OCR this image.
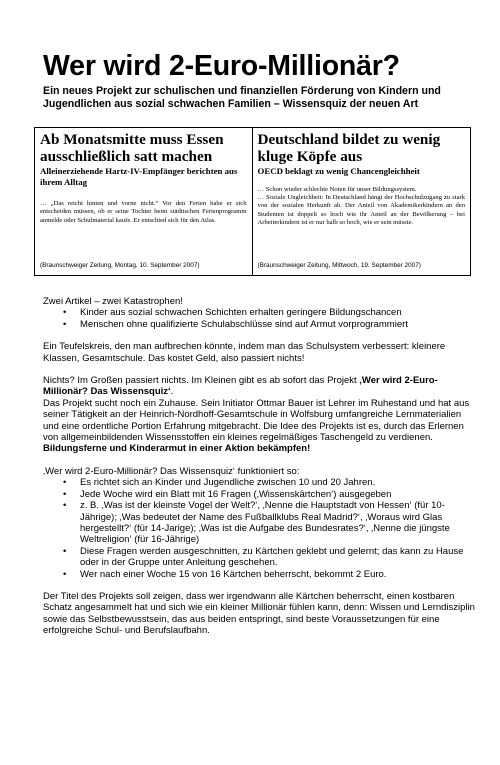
Wer wird 2-Euro-Millionär?

Ein neues Projekt zur schulischen und finanziellen Förderung von Kindern und Jugendlichen aus sozial schwachen Familien – Wissensquiz der neuen Art

Ab Monatsmitte muss Essen ausschließlich satt machen

Alleinerziehende Hartz-IV-Empfänger berichten aus ihrem Alltag

… „Das reicht hinten und vorne nicht.“ Vor den Ferien habe er sich entscheiden müssen, ob er seine Tochter beim städtischen Ferienprogramm anmelde oder Schulmaterial kaufe. Er entschied sich für den Atlas.

(Braunschweiger Zeitung, Montag, 10. September 2007)

Deutschland bildet zu wenig kluge Köpfe aus

OECD beklagt zu wenig Chancengleichheit

… Schon wieder schlechte Noten für unser Bildungssystem.

… Soziale Ungleichheit: In Deutschland hängt der Hochschulzugang zu stark von der sozialen Herkunft ab. Der Anteil von Akademikerkindern an den Studenten ist doppelt so hoch wie ihr Anteil an der Bevölkerung – bei Arbeiterkindern ist er nur halb so hoch, wie er sein müsste.

(Braunschweiger Zeitung, Mittwoch, 19. September 2007)

Zwei Artikel – zwei Katastrophen!

• Kinder aus sozial schwachen Schichten erhalten geringere Bildungschancen
• Menschen ohne qualifizierte Schulabschlüsse sind auf Armut vorprogrammiert

Ein Teufelskreis, den man aufbrechen könnte, indem man das Schulsystem verbessert: kleinere Klassen, Gesamtschule. Das kostet Geld, also passiert nichts!

Nichts? Im Großen passiert nichts. Im Kleinen gibt es ab sofort das Projekt ‚Wer wird 2-Euro-Millionär? Das Wissensquiz‘.

Das Projekt sucht noch ein Zuhause. Sein Initiator Ottmar Bauer ist Lehrer im Ruhestand und hat aus seiner Tätigkeit an der Heinrich-Nordhoff-Gesamtschule in Wolfsburg umfangreiche Lernmaterialien und eine ordentliche Portion Erfahrung mitgebracht. Die Idee des Projekts ist es, durch das Erlernen von allgemeinbildenden Wissensstoffen ein kleines regelmäßiges Taschengeld zu verdienen. Bildungsferne und Kinderarmut in einer Aktion bekämpfen!

‚Wer wird 2-Euro-Millionär? Das Wissensquiz‘ funktioniert so:

• Es richtet sich an Kinder und Jugendliche zwischen 10 und 20 Jahren.
• Jede Woche wird ein Blatt mit 16 Fragen (‚Wissenskärtchen‘) ausgegeben
• z. B. ‚Was ist der kleinste Vogel der Welt?‘, ‚Nenne die Hauptstadt von Hessen‘ (für 10-Jährige); ‚Was bedeutet der Name des Fußballklubs Real Madrid?‘, ‚Woraus wird Glas hergestellt?‘ (für 14-Jarige); ‚Was ist die Aufgabe des Bundesrates?‘, ‚Nenne die jüngste Weltreligion‘ (für 16-Jährige)
• Diese Fragen werden ausgeschnitten, zu Kärtchen geklebt und gelernt; das kann zu Hause oder in der Gruppe unter Anleitung geschehen.
• Wer nach einer Woche 15 von 16 Kärtchen beherrscht, bekommt 2 Euro.

Der Titel des Projekts soll zeigen, dass wer irgendwann alle Kärtchen beherrscht, einen kostbaren Schatz angesammelt hat und sich wie ein kleiner Millionär fühlen kann, denn: Wissen und Lerndisziplin sowie das Selbstbewusstsein, das aus beiden entspringt, sind beste Voraussetzungen für eine erfolgreiche Schul- und Berufslaufbahn.
